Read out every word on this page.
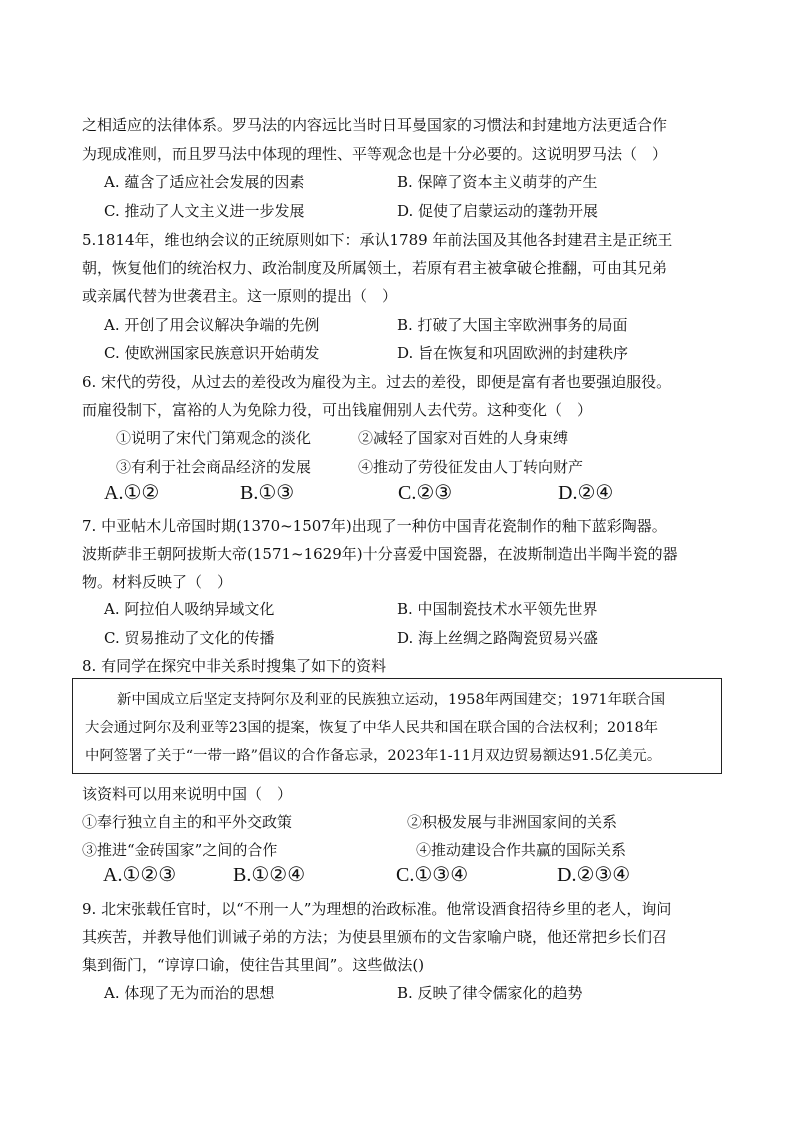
之相适应的法律体系。罗马法的内容远比当时日耳曼国家的习惯法和封建地方法更适合作
为现成准则，而且罗马法中体现的理性、平等观念也是十分必要的。这说明罗马法（　）
A. 蕴含了适应社会发展的因素	B. 保障了资本主义萌芽的产生
C. 推动了人文主义进一步发展	D. 促使了启蒙运动的蓬勃开展
5.1814年，维也纳会议的正统原则如下：承认1789 年前法国及其他各封建君主是正统王
朝，恢复他们的统治权力、政治制度及所属领土，若原有君主被拿破仑推翻，可由其兄弟
或亲属代替为世袭君主。这一原则的提出（　）
A. 开创了用会议解决争端的先例	B. 打破了大国主宰欧洲事务的局面
C. 使欧洲国家民族意识开始萌发	D. 旨在恢复和巩固欧洲的封建秩序
6. 宋代的劳役，从过去的差役改为雇役为主。过去的差役，即便是富有者也要强迫服役。
而雇役制下，富裕的人为免除力役，可出钱雇佣别人去代劳。这种变化（　）
①说明了宋代门第观念的淡化	②减轻了国家对百姓的人身束缚
③有利于社会商品经济的发展	④推动了劳役征发由人丁转向财产
A.①②	B.①③	C.②③	D.②④
7. 中亚帖木儿帝国时期(1370~1507年)出现了一种仿中国青花瓷制作的釉下蓝彩陶器。
波斯萨非王朝阿拔斯大帝(1571~1629年)十分喜爱中国瓷器，在波斯制造出半陶半瓷的器
物。材料反映了（　）
A. 阿拉伯人吸纳异域文化	B. 中国制瓷技术水平领先世界
C. 贸易推动了文化的传播	D. 海上丝绸之路陶瓷贸易兴盛
8. 有同学在探究中非关系时搜集了如下的资料
新中国成立后坚定支持阿尔及利亚的民族独立运动，1958年两国建交；1971年联合国
大会通过阿尔及利亚等23国的提案，恢复了中华人民共和国在联合国的合法权利；2018年
中阿签署了关于“一带一路”倡议的合作备忘录，2023年1-11月双边贸易额达91.5亿美元。
该资料可以用来说明中国（　）
①奉行独立自主的和平外交政策	②积极发展与非洲国家间的关系
③推进“金砖国家”之间的合作	④推动建设合作共赢的国际关系
A.①②③	B.①②④	C.①③④	D.②③④
9. 北宋张载任官时，以“不刑一人”为理想的治政标准。他常设酒食招待乡里的老人，询问
其疾苦，并教导他们训诫子弟的方法；为使县里颁布的文告家喻户晓，他还常把乡长们召
集到衙门，“谆谆口谕，使往告其里闾”。这些做法()
A. 体现了无为而治的思想	B. 反映了律令儒家化的趋势
